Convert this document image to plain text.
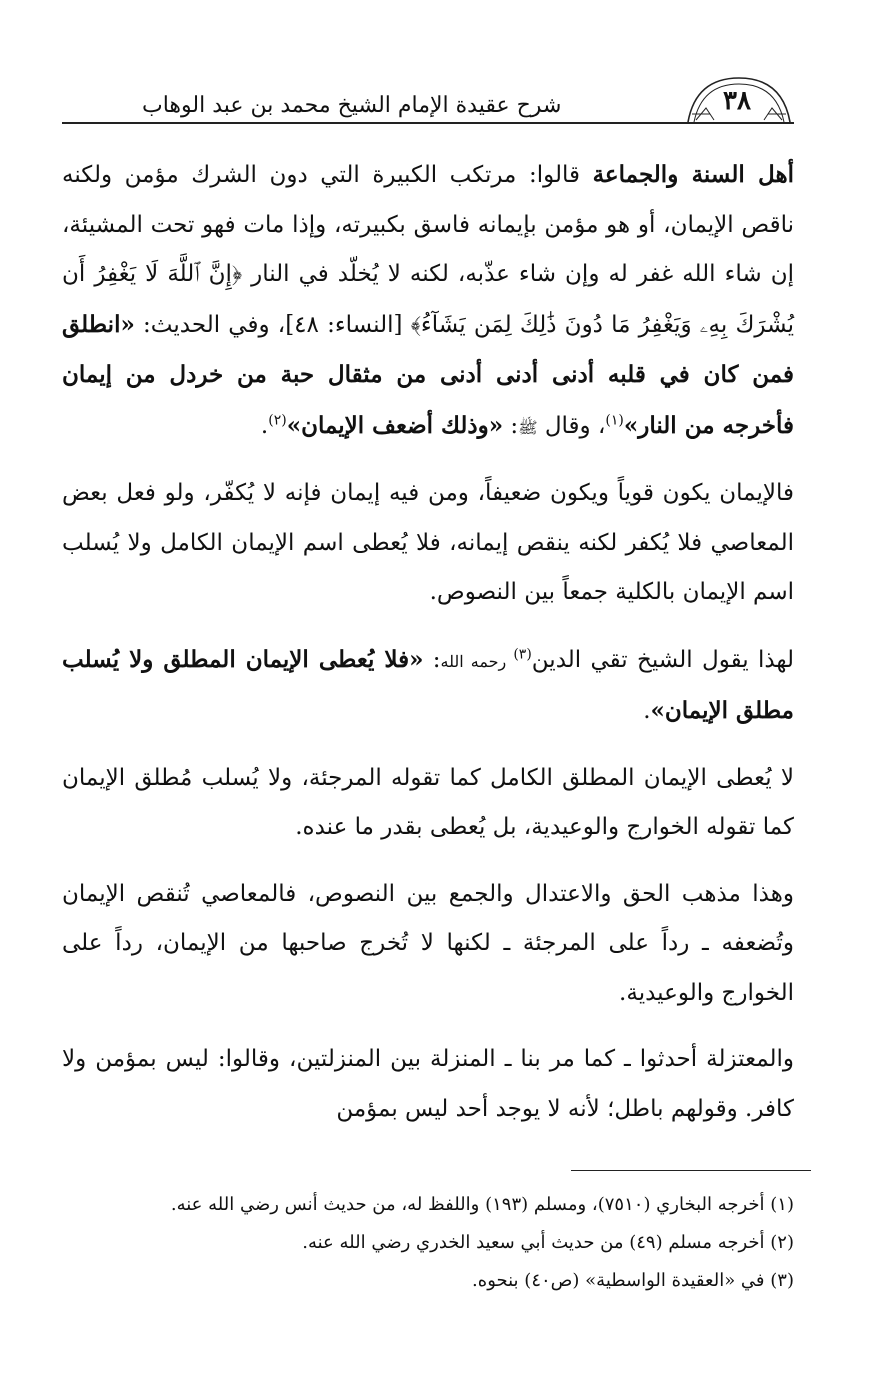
٣٨
شرح عقيدة الإمام الشيخ محمد بن عبد الوهاب

أهل السنة والجماعة قالوا: مرتكب الكبيرة التي دون الشرك مؤمن ولكنه ناقص الإيمان، أو هو مؤمن بإيمانه فاسق بكبيرته، وإذا مات فهو تحت المشيئة، إن شاء الله غفر له وإن شاء عذّبه، لكنه لا يُخلّد في النار ﴿إِنَّ ٱللَّهَ لَا يَغْفِرُ أَن يُشْرَكَ بِهِۦ وَيَغْفِرُ مَا دُونَ ذَٰلِكَ لِمَن يَشَآءُ﴾ [النساء: ٤٨]، وفي الحديث: «انطلق فمن كان في قلبه أدنى أدنى أدنى من مثقال حبة من خردل من إيمان فأخرجه من النار»$^{(١)}$، وقال ﷺ: «وذلك أضعف الإيمان»$^{(٢)}$.

فالإيمان يكون قوياً ويكون ضعيفاً، ومن فيه إيمان فإنه لا يُكفّر، ولو فعل بعض المعاصي فلا يُكفر لكنه ينقص إيمانه، فلا يُعطى اسم الإيمان الكامل ولا يُسلب اسم الإيمان بالكلية جمعاً بين النصوص.

لهذا يقول الشيخ تقي الدين$^{(٣)}$ رحمه الله: «فلا يُعطى الإيمان المطلق ولا يُسلب مطلق الإيمان».

لا يُعطى الإيمان المطلق الكامل كما تقوله المرجئة، ولا يُسلب مُطلق الإيمان كما تقوله الخوارج والوعيدية، بل يُعطى بقدر ما عنده.

وهذا مذهب الحق والاعتدال والجمع بين النصوص، فالمعاصي تُنقص الإيمان وتُضعفه ـ رداً على المرجئة ـ لكنها لا تُخرج صاحبها من الإيمان، رداً على الخوارج والوعيدية.

والمعتزلة أحدثوا ـ كما مر بنا ـ المنزلة بين المنزلتين، وقالوا: ليس بمؤمن ولا كافر. وقولهم باطل؛ لأنه لا يوجد أحد ليس بمؤمن

(١) أخرجه البخاري (٧٥١٠)، ومسلم (١٩٣) واللفظ له، من حديث أنس رضي الله عنه.

(٢) أخرجه مسلم (٤٩) من حديث أبي سعيد الخدري رضي الله عنه.

(٣) في «العقيدة الواسطية» (ص٤٠) بنحوه.
